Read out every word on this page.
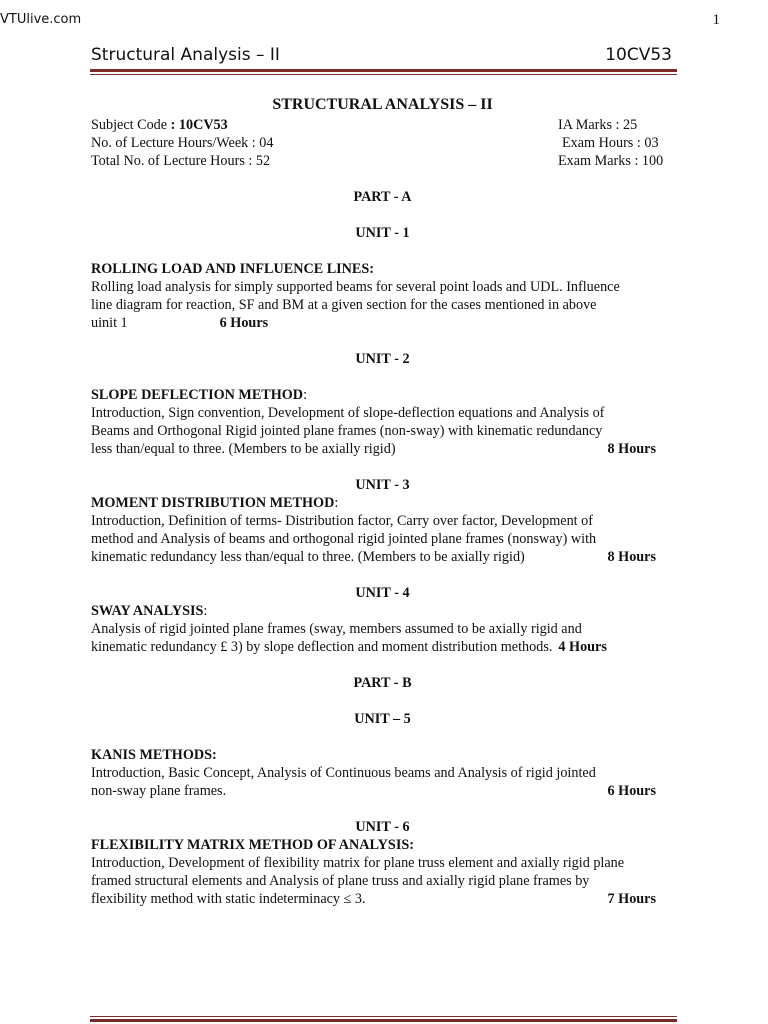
VTUlive.com	1
Structural Analysis – II	10CV53
STRUCTURAL ANALYSIS – II
Subject Code : 10CV53	IA Marks : 25
No. of Lecture Hours/Week : 04	Exam Hours : 03
Total No. of Lecture Hours : 52	Exam Marks : 100
PART - A
UNIT - 1
ROLLING LOAD AND INFLUENCE LINES:
Rolling load analysis for simply supported beams for several point loads and UDL. Influence
line diagram for reaction, SF and BM at a given section for the cases mentioned in above
uinit 1	6 Hours
UNIT - 2
SLOPE DEFLECTION METHOD:
Introduction, Sign convention, Development of slope-deflection equations and Analysis of
Beams and Orthogonal Rigid jointed plane frames (non-sway) with kinematic redundancy
less than/equal to three. (Members to be axially rigid)	8 Hours
UNIT - 3
MOMENT DISTRIBUTION METHOD:
Introduction, Definition of terms- Distribution factor, Carry over factor, Development of
method and Analysis of beams and orthogonal rigid jointed plane frames (nonsway) with
kinematic redundancy less than/equal to three. (Members to be axially rigid)	8 Hours
UNIT - 4
SWAY ANALYSIS:
Analysis of rigid jointed plane frames (sway, members assumed to be axially rigid and
kinematic redundancy £ 3) by slope deflection and moment distribution methods. 4 Hours
PART - B
UNIT – 5
KANIS METHODS:
Introduction, Basic Concept, Analysis of Continuous beams and Analysis of rigid jointed
non-sway plane frames.	6 Hours
UNIT - 6
FLEXIBILITY MATRIX METHOD OF ANALYSIS:
Introduction, Development of flexibility matrix for plane truss element and axially rigid plane
framed structural elements and Analysis of plane truss and axially rigid plane frames by
flexibility method with static indeterminacy ≤ 3.	7 Hours
